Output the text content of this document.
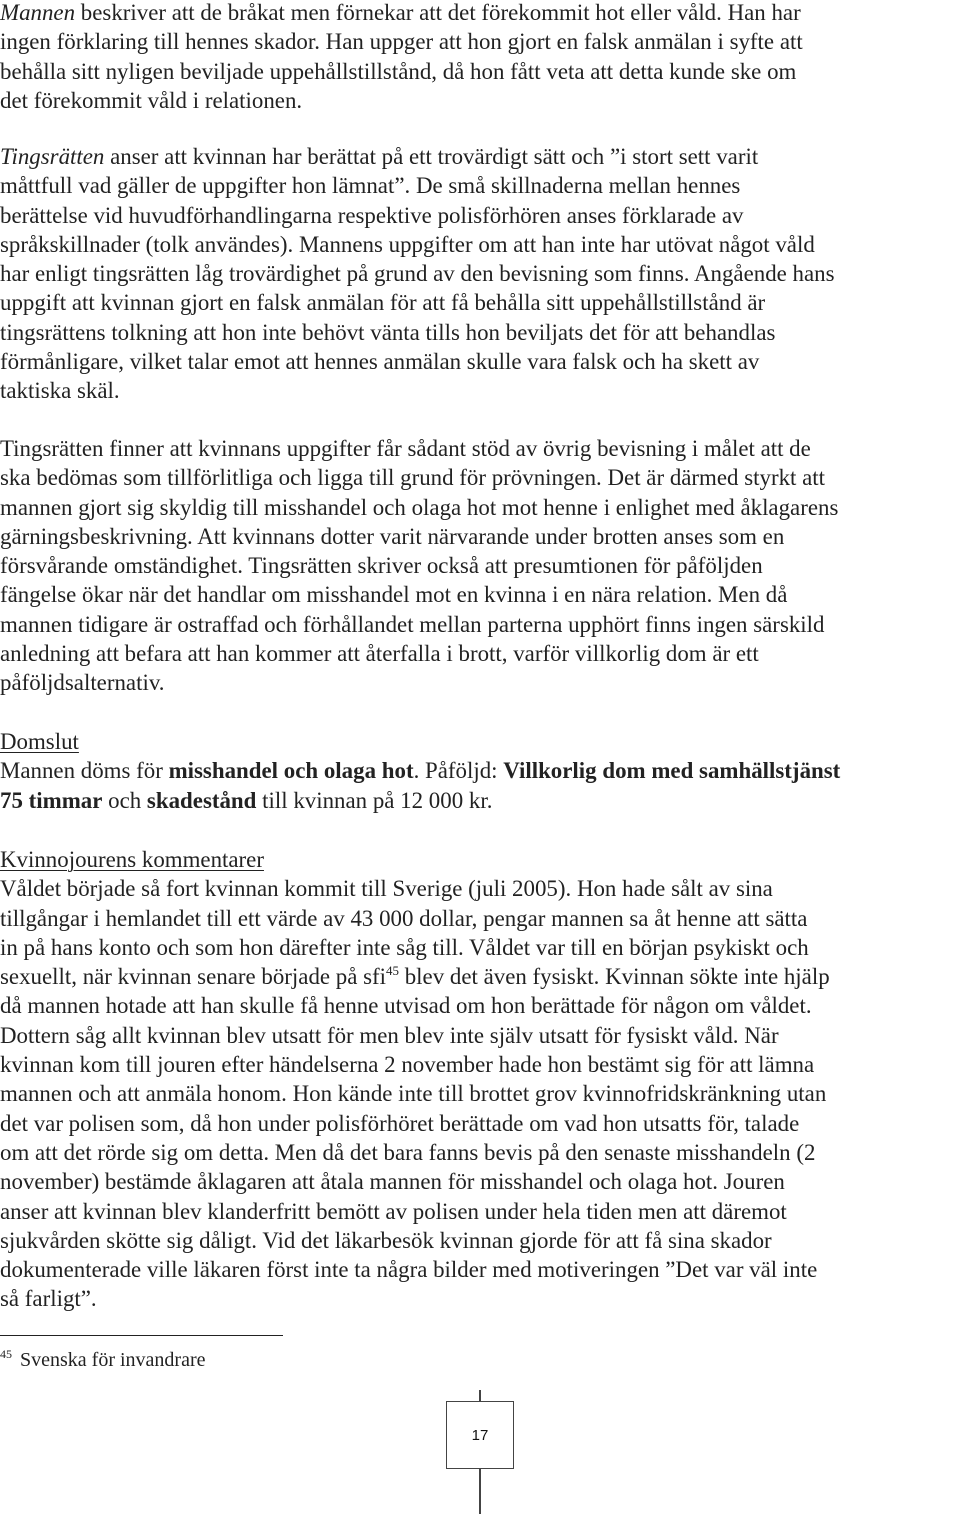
Mannen beskriver att de bråkat men förnekar att det förekommit hot eller våld. Han har
ingen förklaring till hennes skador. Han uppger att hon gjort en falsk anmälan i syfte att
behålla sitt nyligen beviljade uppehållstillstånd, då hon fått veta att detta kunde ske om
det förekommit våld i relationen.
Tingsrätten anser att kvinnan har berättat på ett trovärdigt sätt och ”i stort sett varit
måttfull vad gäller de uppgifter hon lämnat”. De små skillnaderna mellan hennes
berättelse vid huvudförhandlingarna respektive polisförhören anses förklarade av
språkskillnader (tolk användes). Mannens uppgifter om att han inte har utövat något våld
har enligt tingsrätten låg trovärdighet på grund av den bevisning som finns. Angående hans
uppgift att kvinnan gjort en falsk anmälan för att få behålla sitt uppehållstillstånd är
tingsrättens tolkning att hon inte behövt vänta tills hon beviljats det för att behandlas
förmånligare, vilket talar emot att hennes anmälan skulle vara falsk och ha skett av
taktiska skäl.
Tingsrätten finner att kvinnans uppgifter får sådant stöd av övrig bevisning i målet att de
ska bedömas som tillförlitliga och ligga till grund för prövningen. Det är därmed styrkt att
mannen gjort sig skyldig till misshandel och olaga hot mot henne i enlighet med åklagarens
gärningsbeskrivning. Att kvinnans dotter varit närvarande under brotten anses som en
försvårande omständighet. Tingsrätten skriver också att presumtionen för påföljden
fängelse ökar när det handlar om misshandel mot en kvinna i en nära relation. Men då
mannen tidigare är ostraffad och förhållandet mellan parterna upphört finns ingen särskild
anledning att befara att han kommer att återfalla i brott, varför villkorlig dom är ett
påföljdsalternativ.
Domslut
Mannen döms för misshandel och olaga hot. Påföljd: Villkorlig dom med samhällstjänst
75 timmar och skadestånd till kvinnan på 12 000 kr.
Kvinnojourens kommentarer
Våldet började så fort kvinnan kommit till Sverige (juli 2005). Hon hade sålt av sina
tillgångar i hemlandet till ett värde av 43 000 dollar, pengar mannen sa åt henne att sätta
in på hans konto och som hon därefter inte såg till. Våldet var till en början psykiskt och
sexuellt, när kvinnan senare började på sfi$^{45}$ blev det även fysiskt. Kvinnan sökte inte hjälp
då mannen hotade att han skulle få henne utvisad om hon berättade för någon om våldet.
Dottern såg allt kvinnan blev utsatt för men blev inte själv utsatt för fysiskt våld. När
kvinnan kom till jouren efter händelserna 2 november hade hon bestämt sig för att lämna
mannen och att anmäla honom. Hon kände inte till brottet grov kvinnofridskränkning utan
det var polisen som, då hon under polisförhöret berättade om vad hon utsatts för, talade
om att det rörde sig om detta. Men då det bara fanns bevis på den senaste misshandeln (2
november) bestämde åklagaren att åtala mannen för misshandel och olaga hot. Jouren
anser att kvinnan blev klanderfritt bemött av polisen under hela tiden men att däremot
sjukvården skötte sig dåligt. Vid det läkarbesök kvinnan gjorde för att få sina skador
dokumenterade ville läkaren först inte ta några bilder med motiveringen ”Det var väl inte
så farligt”.
$^{45}$ Svenska för invandrare
17
